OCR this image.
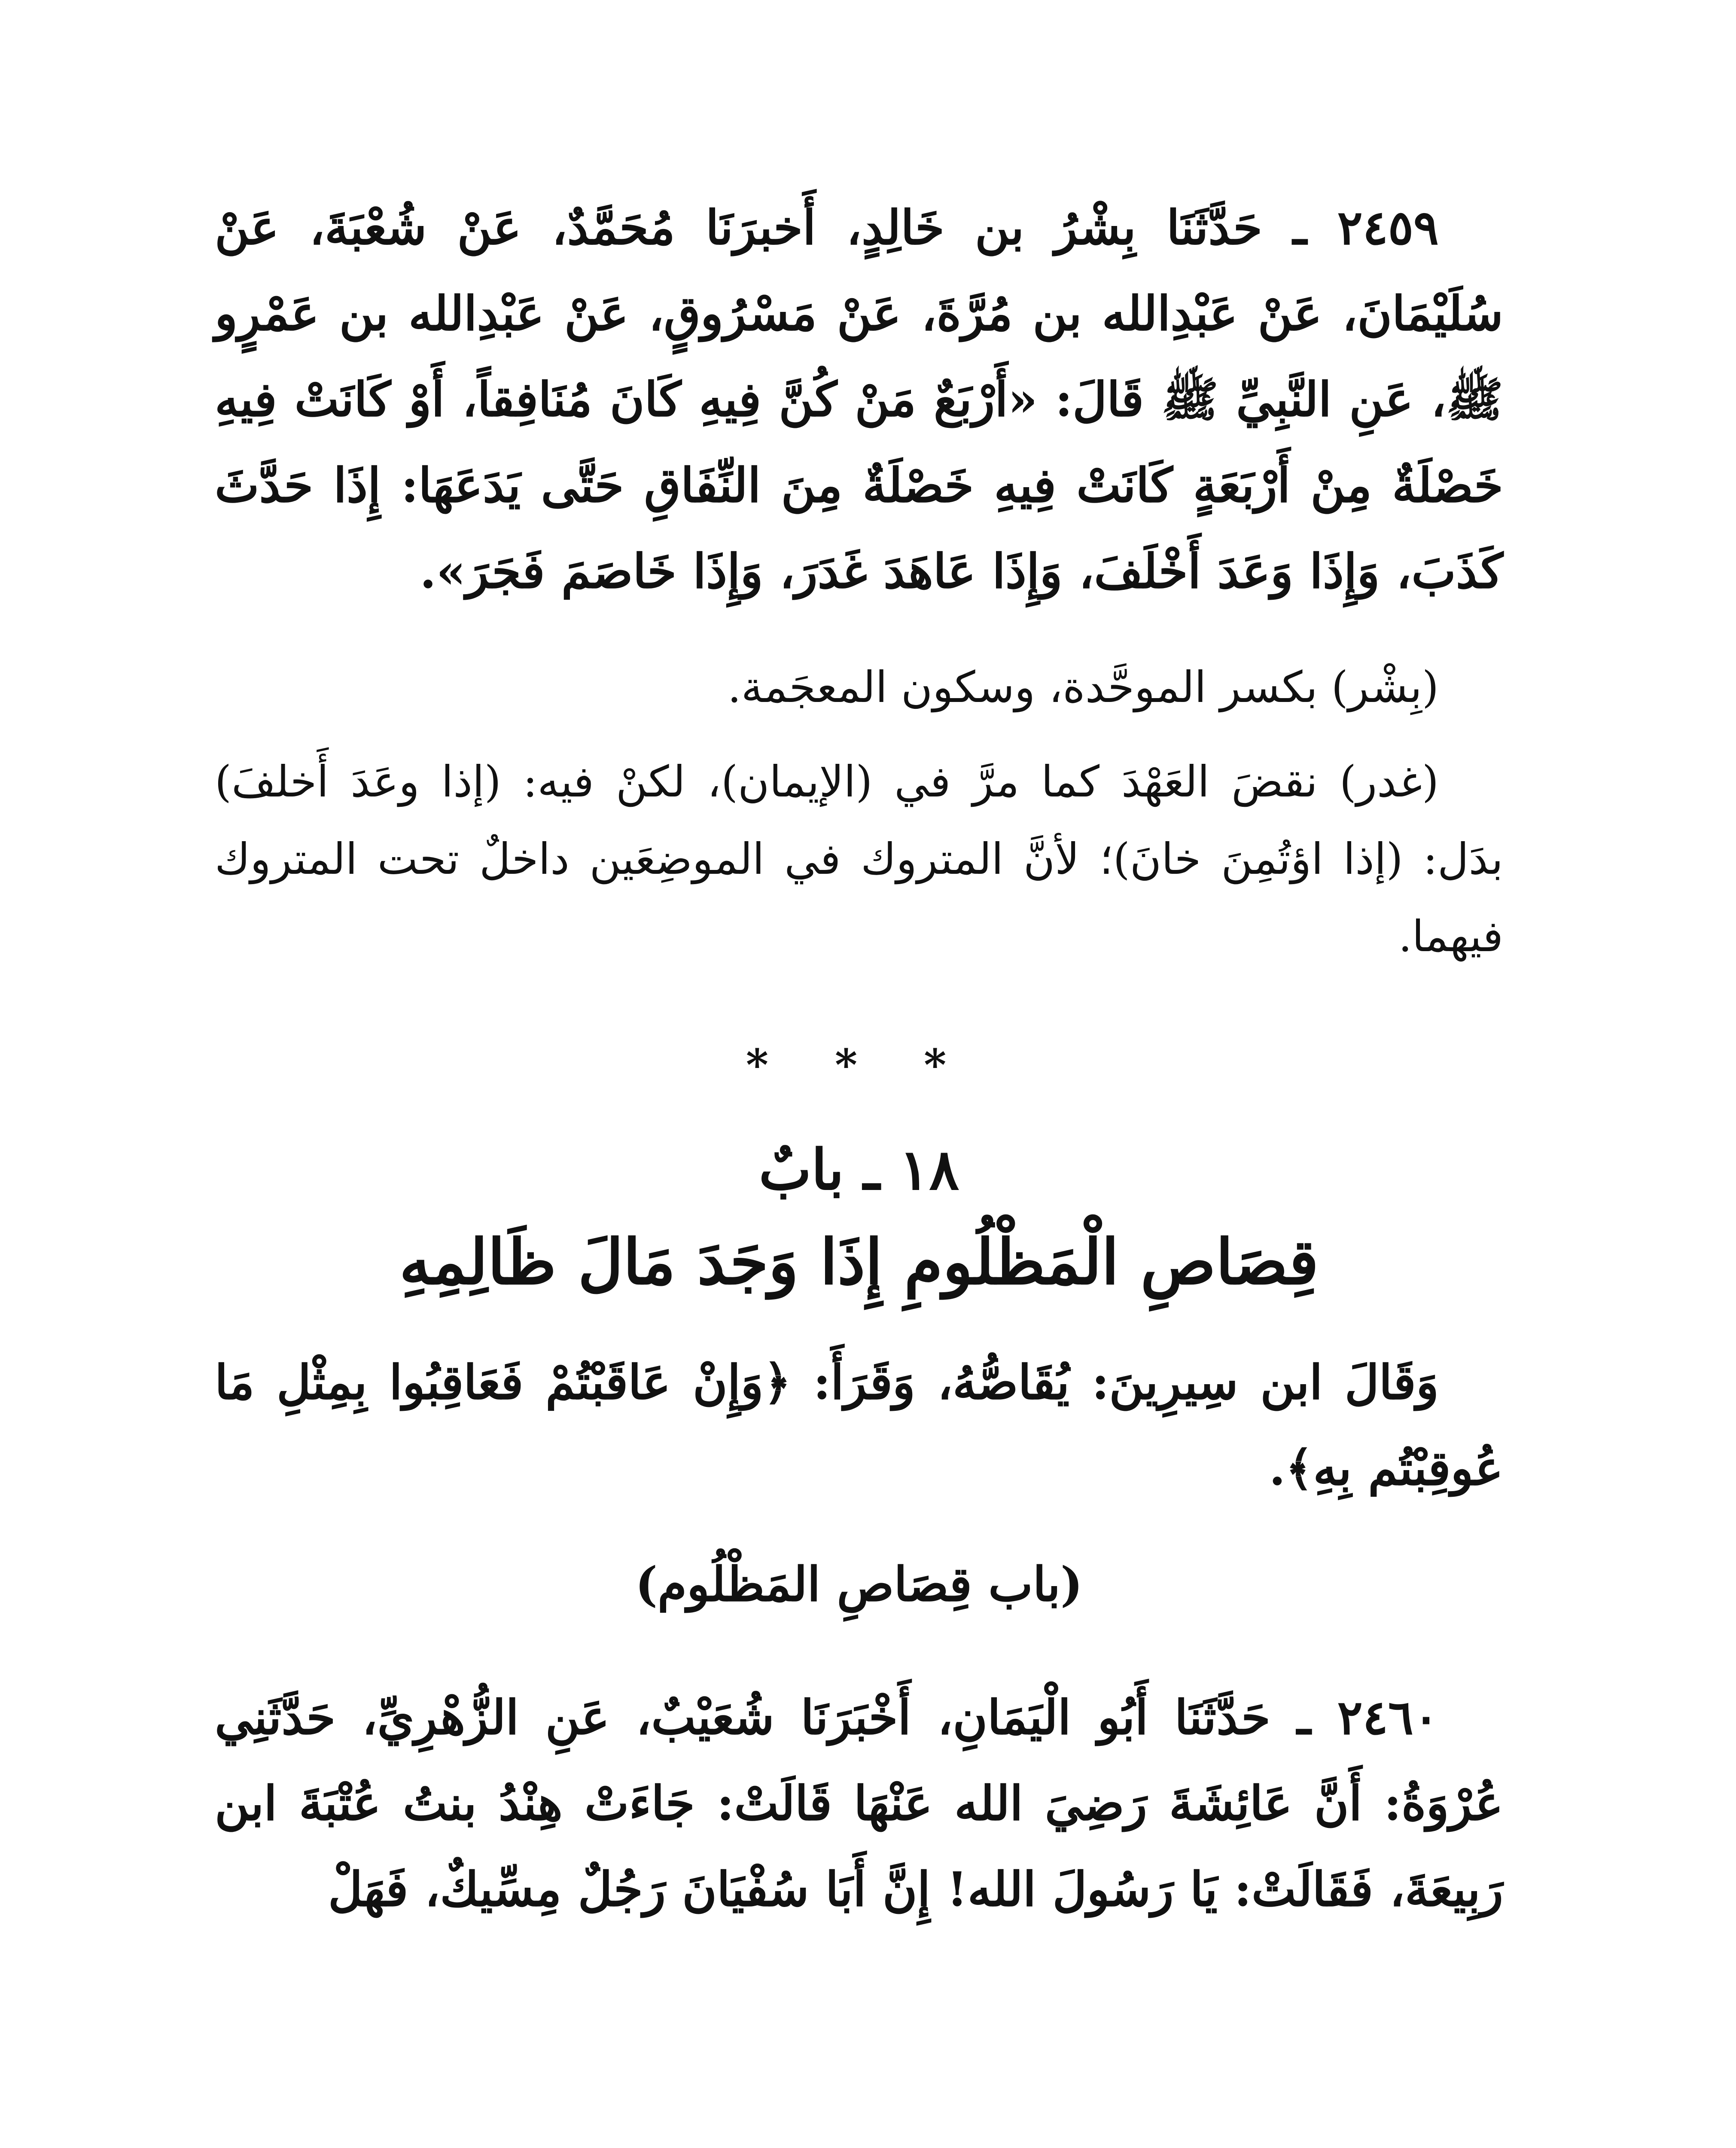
٢٤٥٩ ـ حَدَّثَنَا بِشْرُ بن خَالِدٍ، أَخبرَنَا مُحَمَّدٌ، عَنْ شُعْبَةَ، عَنْ سُلَيْمَانَ، عَنْ عَبْدِالله بن مُرَّةَ، عَنْ مَسْرُوقٍ، عَنْ عَبْدِالله بن عَمْرٍو ﷺ، عَنِ النَّبِيِّ ﷺ قَالَ: «أَرْبَعٌ مَنْ كُنَّ فِيهِ كَانَ مُنَافِقاً، أَوْ كَانَتْ فِيهِ خَصْلَةٌ مِنْ أَرْبَعَةٍ كَانَتْ فِيهِ خَصْلَةٌ مِنَ النِّفَاقِ حَتَّى يَدَعَهَا: إِذَا حَدَّثَ كَذَبَ، وَإِذَا وَعَدَ أَخْلَفَ، وَإِذَا عَاهَدَ غَدَرَ، وَإِذَا خَاصَمَ فَجَرَ».

(بِشْر) بكسر الموحَّدة، وسكون المعجَمة.

(غدر) نقضَ العَهْدَ كما مرَّ في (الإيمان)، لكنْ فيه: (إذا وعَدَ أَخلفَ) بدَل: (إذا اؤتُمِنَ خانَ)؛ لأنَّ المتروك في الموضِعَين داخلٌ تحت المتروك فيهما.

* * *

١٨ ـ بابٌ

قِصَاصِ الْمَظْلُومِ إِذَا وَجَدَ مَالَ ظَالِمِهِ

وَقَالَ ابن سِيرِينَ: يُقَاصُّهُ، وَقَرَأَ: ﴿وَإِنْ عَاقَبْتُمْ فَعَاقِبُوا بِمِثْلِ مَا عُوقِبْتُم بِهِ﴾.

(باب قِصَاصِ المَظْلُوم)

٢٤٦٠ ـ حَدَّثَنَا أَبُو الْيَمَانِ، أَخْبَرَنَا شُعَيْبٌ، عَنِ الزُّهْرِيِّ، حَدَّثَنِي عُرْوَةُ: أَنَّ عَائِشَةَ رَضِيَ الله عَنْهَا قَالَتْ: جَاءَتْ هِنْدُ بنتُ عُتْبَةَ ابن رَبِيعَةَ، فَقَالَتْ: يَا رَسُولَ الله! إِنَّ أَبَا سُفْيَانَ رَجُلٌ مِسِّيكٌ، فَهَلْ
